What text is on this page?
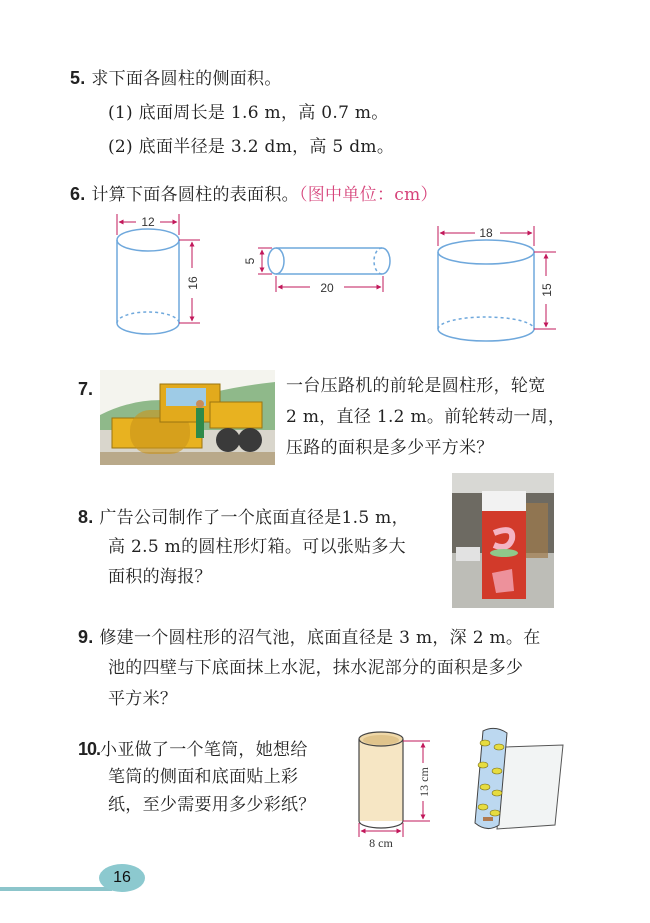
5. 求下面各圆柱的侧面积。
(1) 底面周长是 1.6 m，高 0.7 m。
(2) 底面半径是 3.2 dm，高 5 dm。
6. 计算下面各圆柱的表面积。（图中单位：cm）
12
16
5
20
18
15
7.	一台压路机的前轮是圆柱形，轮宽
2 m，直径 1.2 m。前轮转动一周，
压路的面积是多少平方米？
8. 广告公司制作了一个底面直径是1.5 m，
高 2.5 m的圆柱形灯箱。可以张贴多大
面积的海报？
9. 修建一个圆柱形的沼气池，底面直径是 3 m，深 2 m。在
池的四壁与下底面抹上水泥，抹水泥部分的面积是多少
平方米？
10.小亚做了一个笔筒，她想给
笔筒的侧面和底面贴上彩
纸，至少需要用多少彩纸？
13 cm
8 cm
16
